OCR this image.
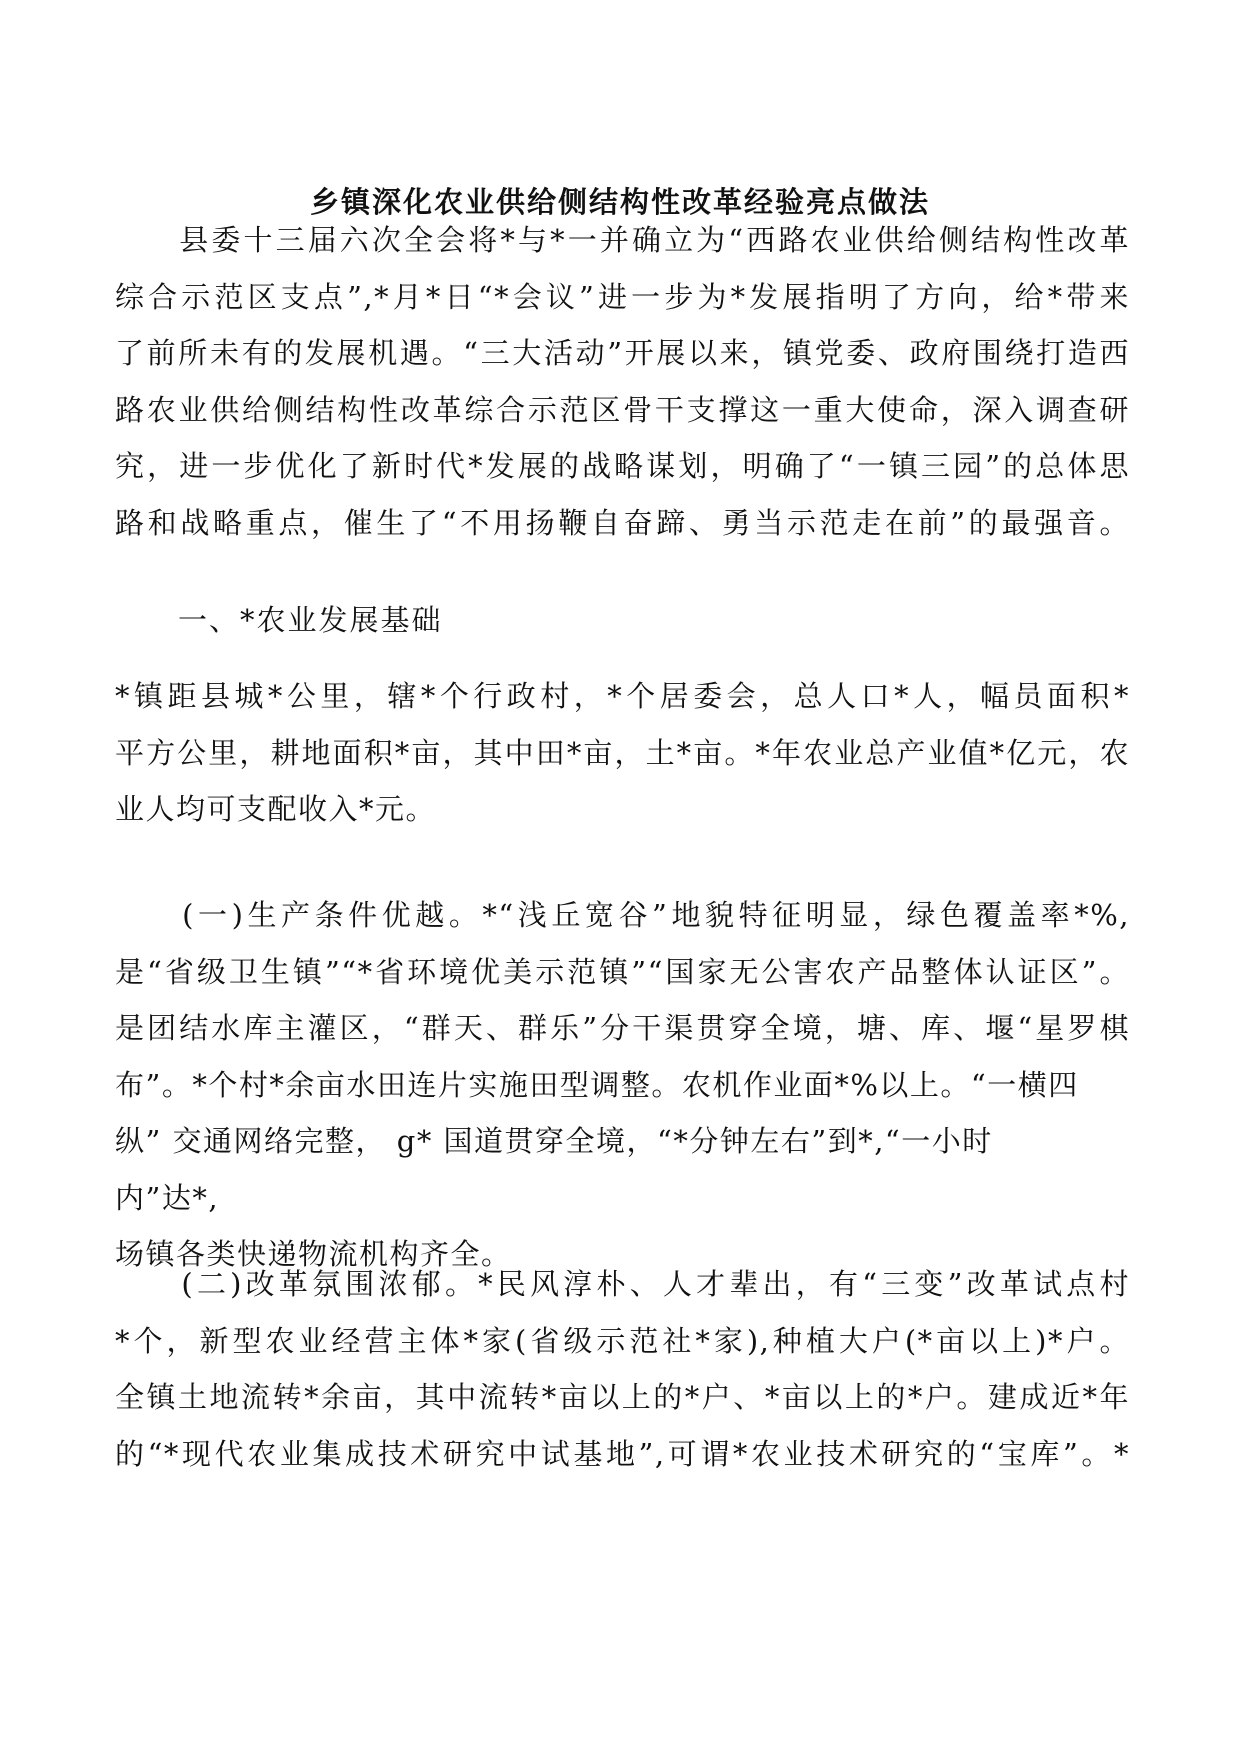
乡镇深化农业供给侧结构性改革经验亮点做法
　　县委十三届六次全会将*与*一并确立为“西路农业供给侧结构性改革
综合示范区支点”,*月*日“*会议”进一步为*发展指明了方向，给*带来
了前所未有的发展机遇。“三大活动”开展以来，镇党委、政府围绕打造西
路农业供给侧结构性改革综合示范区骨干支撑这一重大使命，深入调查研
究，进一步优化了新时代*发展的战略谋划，明确了“一镇三园”的总体思
路和战略重点，催生了“不用扬鞭自奋蹄、勇当示范走在前”的最强音。
一、*农业发展基础
*镇距县城*公里，辖*个行政村，*个居委会，总人口*人，幅员面积*
平方公里，耕地面积*亩，其中田*亩，土*亩。*年农业总产业值*亿元，农
业人均可支配收入*元。
　　(一)生产条件优越。*“浅丘宽谷”地貌特征明显，绿色覆盖率*%,
是“省级卫生镇”“*省环境优美示范镇”“国家无公害农产品整体认证区”。
是团结水库主灌区，“群天、群乐”分干渠贯穿全境，塘、库、堰“星罗棋
布”。*个村*余亩水田连片实施田型调整。农机作业面*%以上。“一横四
纵” 交通网络完整， g* 国道贯穿全境，“*分钟左右”到*,“一小时
内”达*,
场镇各类快递物流机构齐全。
　　(二)改革氛围浓郁。*民风淳朴、人才辈出，有“三变”改革试点村
*个，新型农业经营主体*家(省级示范社*家),种植大户(*亩以上)*户。
全镇土地流转*余亩，其中流转*亩以上的*户、*亩以上的*户。建成近*年
的“*现代农业集成技术研究中试基地”,可谓*农业技术研究的“宝库”。*
